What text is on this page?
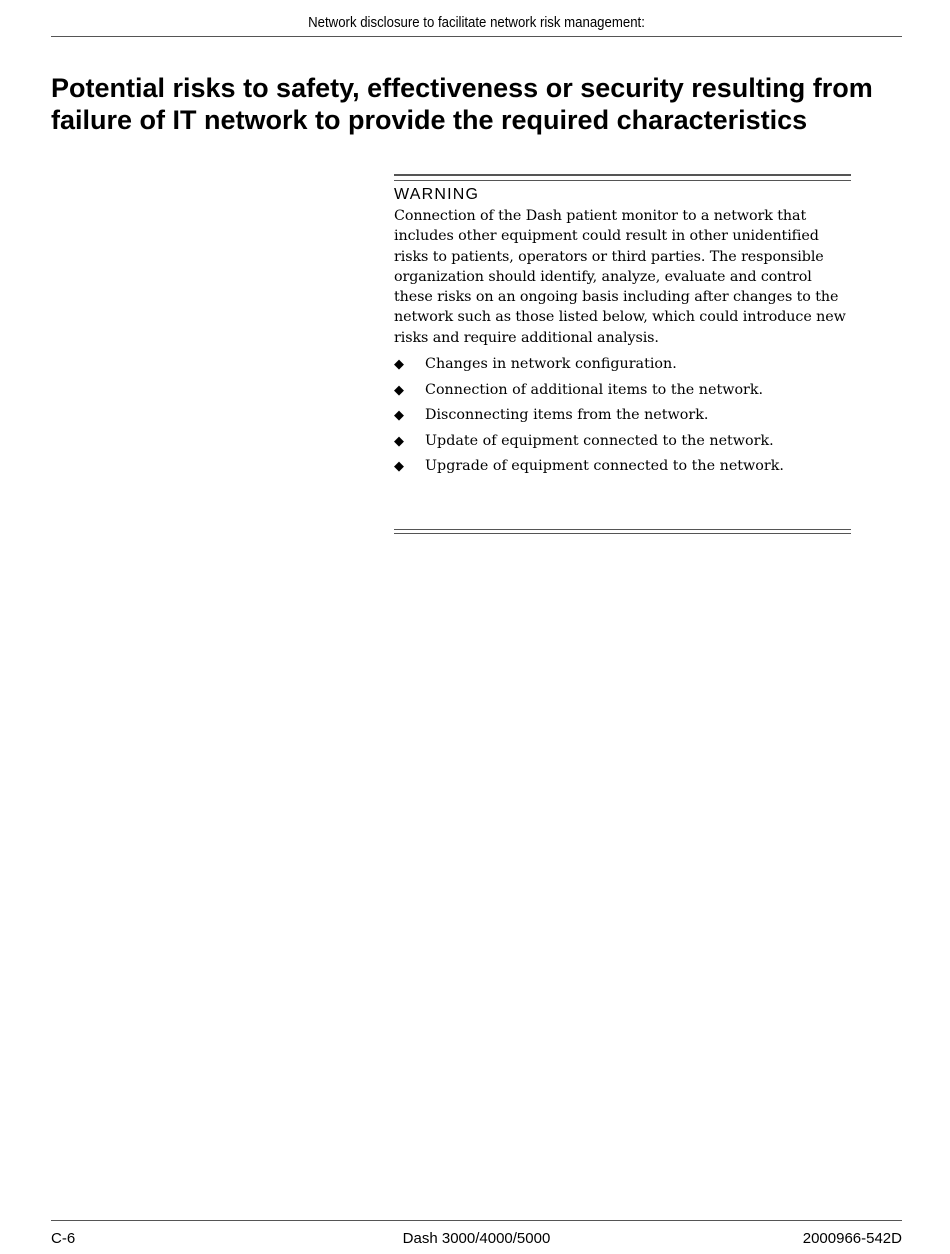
Network disclosure to facilitate network risk management:
Potential risks to safety, effectiveness or security resulting from failure of IT network to provide the required characteristics
WARNING

Connection of the Dash patient monitor to a network that includes other equipment could result in other unidentified risks to patients, operators or third parties. The responsible organization should identify, analyze, evaluate and control these risks on an ongoing basis including after changes to the network such as those listed below, which could introduce new risks and require additional analysis.

◆	Changes in network configuration.
◆	Connection of additional items to the network.
◆	Disconnecting items from the network.
◆	Update of equipment connected to the network.
◆	Upgrade of equipment connected to the network.
C-6	Dash 3000/4000/5000	2000966-542D
